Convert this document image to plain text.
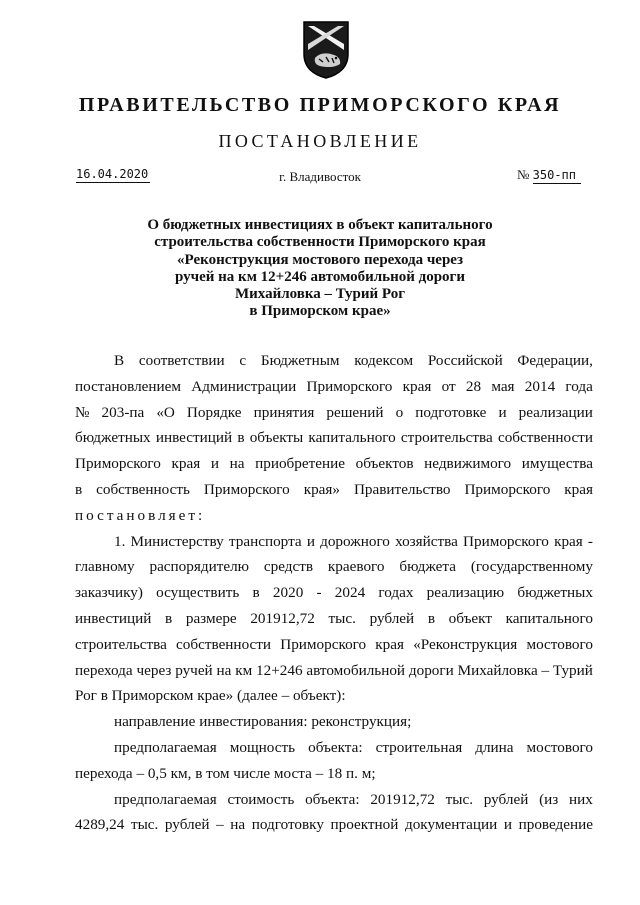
ПРАВИТЕЛЬСТВО ПРИМОРСКОГО КРАЯ
ПОСТАНОВЛЕНИЕ
16.04.2020	г. Владивосток	№ 350-пп
О бюджетных инвестициях в объект капитального
строительства собственности Приморского края
«Реконструкция мостового перехода через
ручей на км 12+246 автомобильной дороги
Михайловка – Турий Рог
в Приморском крае»
В соответствии с Бюджетным кодексом Российской Федерации,
постановлением Администрации Приморского края от 28 мая 2014 года
№ 203-па «О Порядке принятия решений о подготовке и реализации
бюджетных инвестиций в объекты капитального строительства собственности
Приморского края и на приобретение объектов недвижимого имущества
в собственность Приморского края» Правительство Приморского края
постановляет:
1. Министерству транспорта и дорожного хозяйства Приморского края -
главному распорядителю средств краевого бюджета (государственному
заказчику) осуществить в 2020 - 2024 годах реализацию бюджетных
инвестиций в размере 201912,72 тыс. рублей в объект капитального
строительства собственности Приморского края «Реконструкция мостового
перехода через ручей на км 12+246 автомобильной дороги Михайловка – Турий
Рог в Приморском крае» (далее – объект):
направление инвестирования: реконструкция;
предполагаемая мощность объекта: строительная длина мостового
перехода – 0,5 км, в том числе моста – 18 п. м;
предполагаемая стоимость объекта: 201912,72 тыс. рублей (из них
4289,24 тыс. рублей – на подготовку проектной документации и проведение
